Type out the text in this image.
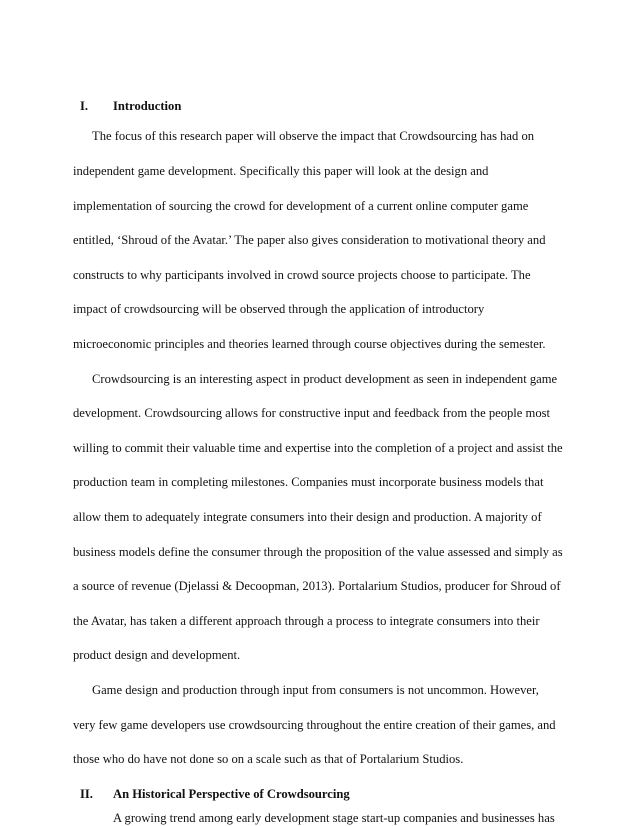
I. Introduction
The focus of this research paper will observe the impact that Crowdsourcing has had on
independent game development. Specifically this paper will look at the design and
implementation of sourcing the crowd for development of a current online computer game
entitled, ‘Shroud of the Avatar.’ The paper also gives consideration to motivational theory and
constructs to why participants involved in crowd source projects choose to participate. The
impact of crowdsourcing will be observed through the application of introductory
microeconomic principles and theories learned through course objectives during the semester.
Crowdsourcing is an interesting aspect in product development as seen in independent game
development. Crowdsourcing allows for constructive input and feedback from the people most
willing to commit their valuable time and expertise into the completion of a project and assist the
production team in completing milestones. Companies must incorporate business models that
allow them to adequately integrate consumers into their design and production. A majority of
business models define the consumer through the proposition of the value assessed and simply as
a source of revenue (Djelassi & Decoopman, 2013). Portalarium Studios, producer for Shroud of
the Avatar, has taken a different approach through a process to integrate consumers into their
product design and development.
Game design and production through input from consumers is not uncommon. However,
very few game developers use crowdsourcing throughout the entire creation of their games, and
those who do have not done so on a scale such as that of Portalarium Studios.
II. An Historical Perspective of Crowdsourcing
A growing trend among early development stage start-up companies and businesses has
